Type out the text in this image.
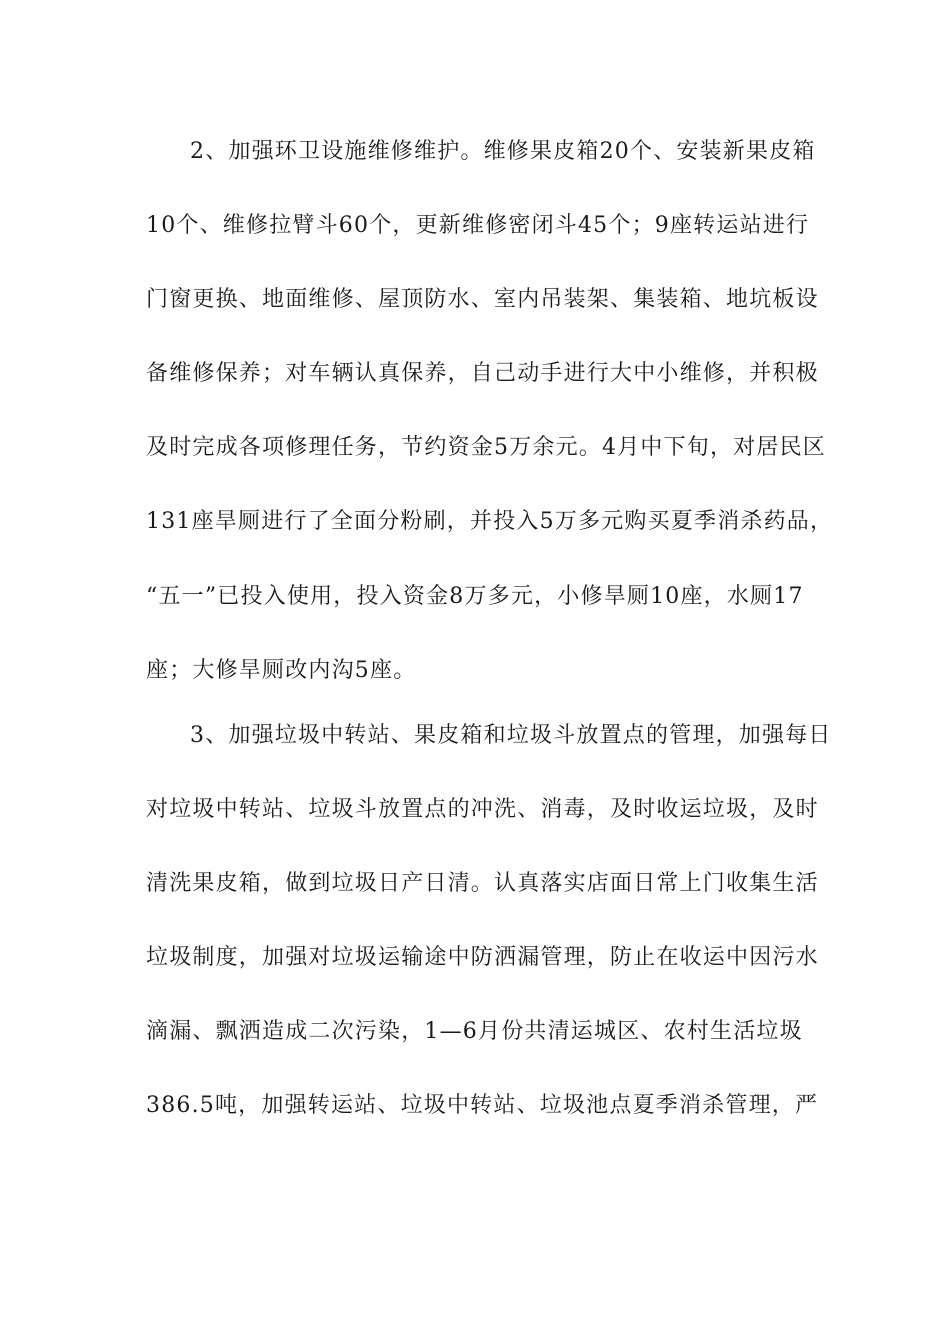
2、加强环卫设施维修维护。维修果皮箱20个、安装新果皮箱
10个、维修拉臂斗60个，更新维修密闭斗45个；9座转运站进行
门窗更换、地面维修、屋顶防水、室内吊装架、集装箱、地坑板设
备维修保养；对车辆认真保养，自己动手进行大中小维修，并积极
及时完成各项修理任务，节约资金5万余元。4月中下旬，对居民区
131座旱厕进行了全面分粉刷，并投入5万多元购买夏季消杀药品，
“五一”已投入使用，投入资金8万多元，小修旱厕10座，水厕17
座；大修旱厕改内沟5座。
3、加强垃圾中转站、果皮箱和垃圾斗放置点的管理，加强每日
对垃圾中转站、垃圾斗放置点的冲洗、消毒，及时收运垃圾，及时
清洗果皮箱，做到垃圾日产日清。认真落实店面日常上门收集生活
垃圾制度，加强对垃圾运输途中防洒漏管理，防止在收运中因污水
滴漏、飘洒造成二次污染，1—6月份共清运城区、农村生活垃圾
386.5吨，加强转运站、垃圾中转站、垃圾池点夏季消杀管理，严
